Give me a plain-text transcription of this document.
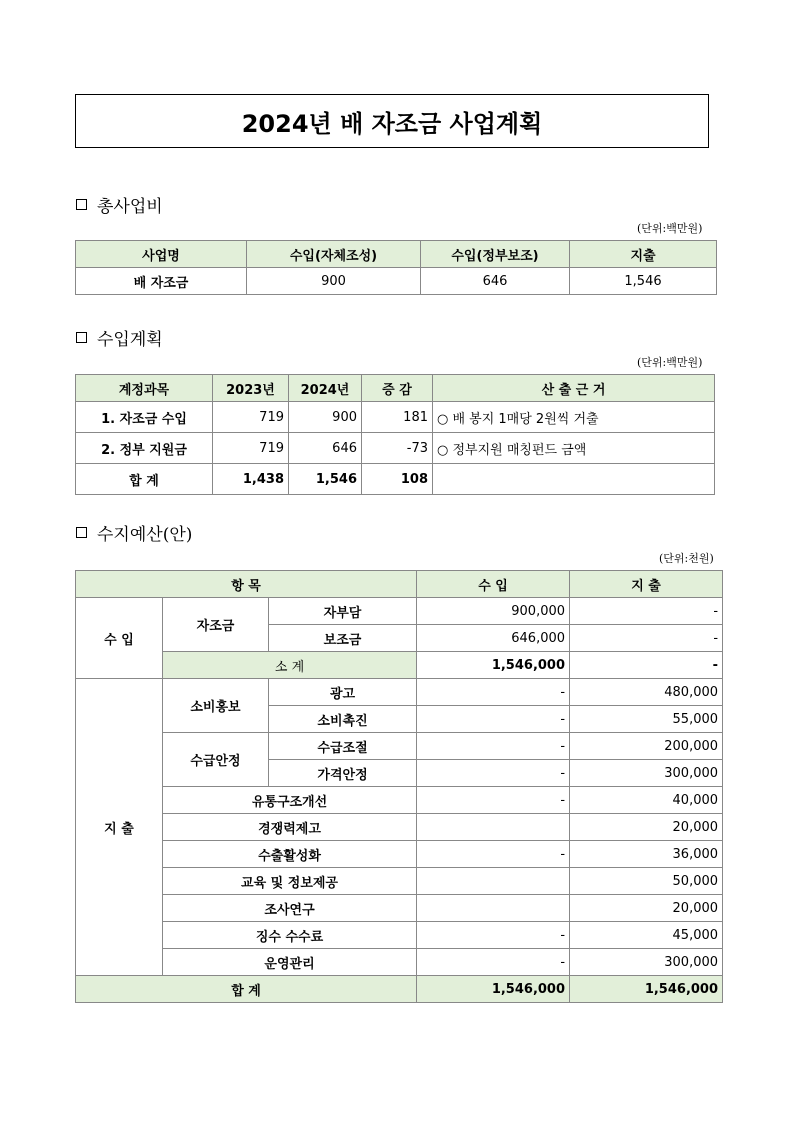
2024년 배 자조금 사업계획
총사업비
(단위:백만원)
사업명	수입(자체조성)	수입(정부보조)	지출
배 자조금	900	646	1,546
수입계획
(단위:백만원)
계정과목	2023년	2024년	증 감	산 출 근 거
1. 자조금 수입	719	900	181	○ 배 봉지 1매당 2원씩 거출
2. 정부 지원금	719	646	-73	○ 정부지원 매칭펀드 금액
합 계	1,438	1,546	108	
수지예산(안)
(단위:천원)
항 목			수 입	지 출
수 입	자조금	자부담	900,000	-
		보조금	646,000	-
	소 계		1,546,000	-
지 출	소비홍보	광고	-	480,000
		소비촉진	-	55,000
	수급안정	수급조절	-	200,000
		가격안정	-	300,000
	유통구조개선		-	40,000
	경쟁력제고			20,000
	수출활성화		-	36,000
	교육 및 정보제공			50,000
	조사연구			20,000
	징수 수수료		-	45,000
	운영관리		-	300,000
합 계			1,546,000	1,546,000
